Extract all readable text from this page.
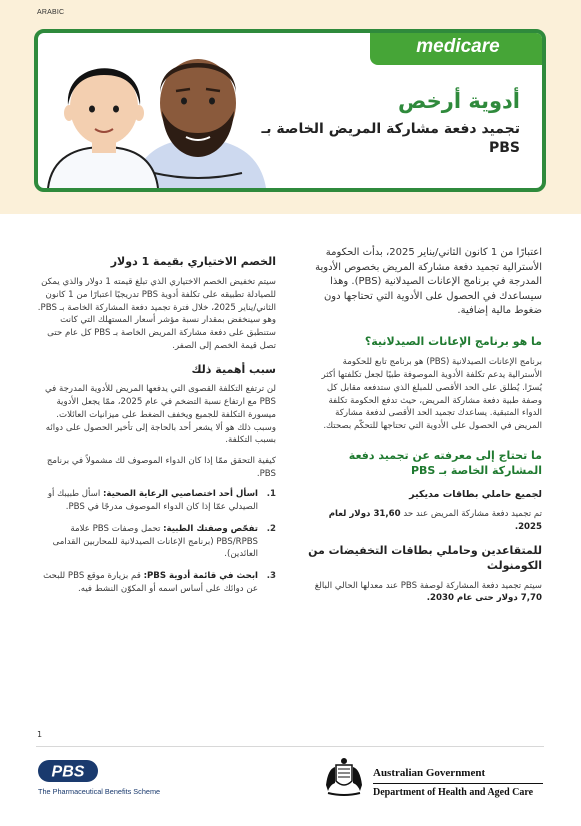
ARABIC
medicare
أدوية أرخص
تجميد دفعة مشاركة المريض الخاصة بـ PBS
اعتبارًا من 1 كانون الثاني/يناير 2025، بدأت الحكومة الأسترالية تجميد دفعة مشاركة المريض بخصوص الأدوية المدرجة في برنامج الإعانات الصيدلانية (PBS). وهذا سيساعدك في الحصول على الأدوية التي تحتاجها دون ضغوط مالية إضافية.
ما هو برنامج الإعانات الصيدلانية؟
برنامج الإعانات الصيدلانية (PBS) هو برنامج تابع للحكومة الأسترالية يدعم تكلفة الأدوية الموصوفة طبيًا لجعل تكلفتها أكثر يُسرًا. يُطلق على الحد الأقصى للمبلغ الذي ستدفعه مقابل كل وصفة طبية دفعة مشاركة المريض، حيث تدفع الحكومة تكلفة الدواء المتبقية. يساعدك تجميد الحد الأقصى لدفعة مشاركة المريض في الحصول على الأدوية التي تحتاجها للتحكّم بصحتك.
ما تحتاج إلى معرفته عن تجميد دفعة المشاركة الخاصة بـ PBS
لجميع حاملي بطاقات مديكير
تم تجميد دفعة مشاركة المريض عند حد 31,60 دولار لعام 2025.
للمتقاعدين وحاملي بطاقات التخفيضات من الكومنولث
سيتم تجميد دفعة المشاركة لوصفة PBS عند معدلها الحالي البالغ 7,70 دولار حتى عام 2030.
الخصم الاختياري بقيمة 1 دولار
سيتم تخفيض الخصم الاختياري الذي تبلغ قيمته 1 دولار والذي يمكن للصيادلة تطبيقه على تكلفة أدوية PBS تدريجيًا اعتبارًا من 1 كانون الثاني/يناير 2025، خلال فترة تجميد دفعة المشاركة الخاصة بـ PBS. وهو سينخفض بمقدار نسبة مؤشر أسعار المستهلك التي كانت ستنطبق على دفعة مشاركة المريض الخاصة بـ PBS كل عام حتى تصل قيمة الخصم إلى الصفر.
سبب أهمية ذلك
لن ترتفع التكلفة القصوى التي يدفعها المريض للأدوية المدرجة في PBS مع ارتفاع نسبة التضخم في عام 2025، ممّا يجعل الأدوية ميسورة التكلفة للجميع ويخفف الضغط على ميزانيات العائلات. وسبب ذلك هو ألا يشعر أحد بالحاجة إلى تأخير الحصول على دوائه بسبب التكلفة.
كيفية التحقق ممّا إذا كان الدواء الموصوف لك مشمولاً في برنامج PBS.
1.
اسأل أحد اختصاصيي الرعاية الصحية: اسأل طبيبك أو الصيدلي عمّا إذا كان الدواء الموصوف مدرجًا في PBS.
2.
تفحّص وصفتك الطبية: تحمل وصفات PBS علامة PBS/RPBS (برنامج الإعانات الصيدلانية للمحاربين القدامى العائدين).
3.
ابحث في قائمة أدوية PBS: قم بزيارة موقع PBS للبحث عن دوائك على أساس اسمه أو المكوّن النشط فيه.
1
PBS
The Pharmaceutical Benefits Scheme
Australian Government
Department of Health and Aged Care
